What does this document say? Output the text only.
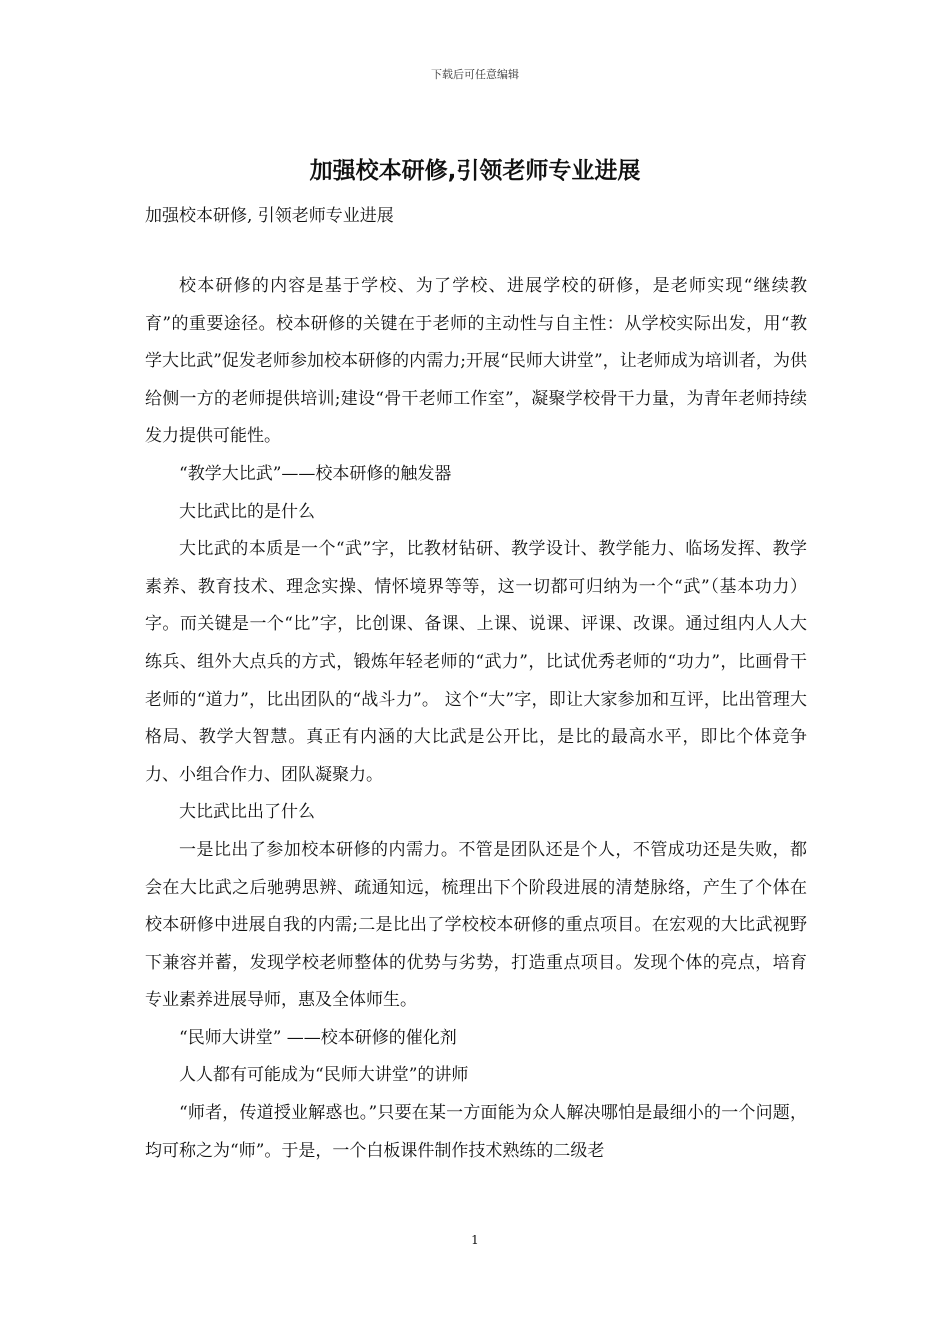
下载后可任意编辑
加强校本研修,引领老师专业进展
加强校本研修, 引领老师专业进展

校本研修的内容是基于学校、为了学校、进展学校的研修，是老师实现“继续教育”的重要途径。校本研修的关键在于老师的主动性与自主性：从学校实际出发，用“教学大比武”促发老师参加校本研修的内需力;开展“民师大讲堂”，让老师成为培训者，为供给侧一方的老师提供培训;建设“骨干老师工作室”，凝聚学校骨干力量，为青年老师持续发力提供可能性。

“教学大比武”——校本研修的触发器

大比武比的是什么

大比武的本质是一个“武”字，比教材钻研、教学设计、教学能力、临场发挥、教学素养、教育技术、理念实操、情怀境界等等，这一切都可归纳为一个“武”（基本功力）字。而关键是一个“比”字，比创课、备课、上课、说课、评课、改课。通过组内人人大练兵、组外大点兵的方式，锻炼年轻老师的“武力”，比试优秀老师的“功力”，比画骨干老师的“道力”，比出团队的“战斗力”。 这个“大”字，即让大家参加和互评，比出管理大格局、教学大智慧。真正有内涵的大比武是公开比，是比的最高水平，即比个体竞争力、小组合作力、团队凝聚力。

大比武比出了什么

一是比出了参加校本研修的内需力。不管是团队还是个人，不管成功还是失败，都会在大比武之后驰骋思辨、疏通知远，梳理出下个阶段进展的清楚脉络，产生了个体在校本研修中进展自我的内需;二是比出了学校校本研修的重点项目。在宏观的大比武视野下兼容并蓄，发现学校老师整体的优势与劣势，打造重点项目。发现个体的亮点，培育专业素养进展导师，惠及全体师生。

“民师大讲堂” ——校本研修的催化剂

人人都有可能成为“民师大讲堂”的讲师

“师者，传道授业解惑也。”只要在某一方面能为众人解决哪怕是最细小的一个问题，均可称之为“师”。于是，一个白板课件制作技术熟练的二级老

1
